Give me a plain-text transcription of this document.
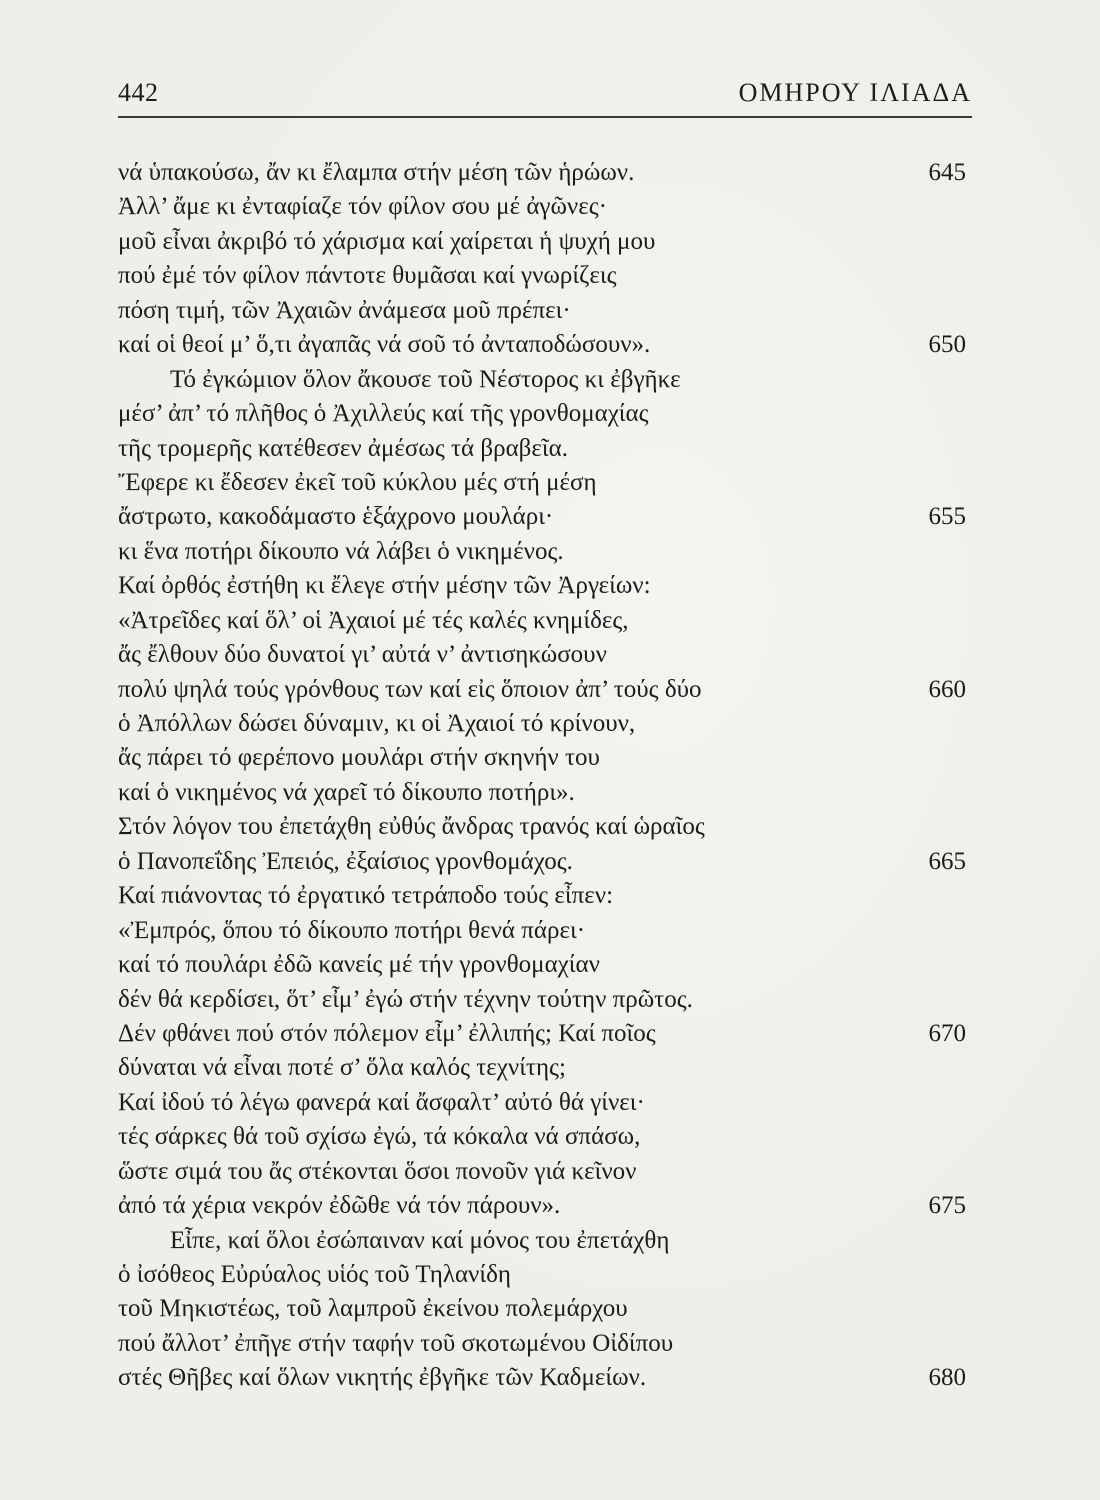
442	ΟΜΗΡΟΥ ΙΛΙΑΔΑ
νά ὑπακούσω, ἄν κι ἔλαμπα στήν μέση τῶν ἡρώων.	645
Ἀλλ’ ἄμε κι ἐνταφίαζε τόν φίλον σου μέ ἀγῶνες·
μοῦ εἶναι ἀκριβό τό χάρισμα καί χαίρεται ἡ ψυχή μου
πού ἐμέ τόν φίλον πάντοτε θυμᾶσαι καί γνωρίζεις
πόση τιμή, τῶν Ἀχαιῶν ἀνάμεσα μοῦ πρέπει·
καί οἱ θεοί μ’ ὅ,τι ἀγαπᾶς νά σοῦ τό ἀνταποδώσουν».	650
Τό ἐγκώμιον ὅλον ἄκουσε τοῦ Νέστορος κι ἐβγῆκε
μέσ’ ἀπ’ τό πλῆθος ὁ Ἀχιλλεύς καί τῆς γρονθομαχίας
τῆς τρομερῆς κατέθεσεν ἀμέσως τά βραβεῖα.
Ἔφερε κι ἔδεσεν ἐκεῖ τοῦ κύκλου μές στή μέση
ἄστρωτο, κακοδάμαστο ἑξάχρονο μουλάρι·	655
κι ἕνα ποτήρι δίκουπο νά λάβει ὁ νικημένος.
Καί ὀρθός ἐστήθη κι ἔλεγε στήν μέσην τῶν Ἀργείων:
«Ἀτρεῖδες καί ὅλ’ οἱ Ἀχαιοί μέ τές καλές κνημίδες,
ἄς ἔλθουν δύο δυνατοί γι’ αὐτά ν’ ἀντισηκώσουν
πολύ ψηλά τούς γρόνθους των καί εἰς ὅποιον ἀπ’ τούς δύο	660
ὁ Ἀπόλλων δώσει δύναμιν, κι οἱ Ἀχαιοί τό κρίνουν,
ἄς πάρει τό φερέπονο μουλάρι στήν σκηνήν του
καί ὁ νικημένος νά χαρεῖ τό δίκουπο ποτήρι».
Στόν λόγον του ἐπετάχθη εὐθύς ἄνδρας τρανός καί ὡραῖος
ὁ Πανοπεΐδης Ἐπειός, ἐξαίσιος γρονθομάχος.	665
Καί πιάνοντας τό ἐργατικό τετράποδο τούς εἶπεν:
«Ἐμπρός, ὅπου τό δίκουπο ποτήρι θενά πάρει·
καί τό πουλάρι ἐδῶ κανείς μέ τήν γρονθομαχίαν
δέν θά κερδίσει, ὅτ’ εἶμ’ ἐγώ στήν τέχνην τούτην πρῶτος.
Δέν φθάνει πού στόν πόλεμον εἶμ’ ἐλλιπής; Καί ποῖος	670
δύναται νά εἶναι ποτέ σ’ ὅλα καλός τεχνίτης;
Καί ἰδού τό λέγω φανερά καί ἄσφαλτ’ αὐτό θά γίνει·
τές σάρκες θά τοῦ σχίσω ἐγώ, τά κόκαλα νά σπάσω,
ὥστε σιμά του ἄς στέκονται ὅσοι πονοῦν γιά κεῖνον
ἀπό τά χέρια νεκρόν ἐδῶθε νά τόν πάρουν».	675
Εἶπε, καί ὅλοι ἐσώπαιναν καί μόνος του ἐπετάχθη
ὁ ἰσόθεος Εὐρύαλος υἱός τοῦ Τηλανίδη
τοῦ Μηκιστέως, τοῦ λαμπροῦ ἐκείνου πολεμάρχου
πού ἄλλοτ’ ἐπῆγε στήν ταφήν τοῦ σκοτωμένου Οἰδίπου
στές Θῆβες καί ὅλων νικητής ἐβγῆκε τῶν Καδμείων.	680
